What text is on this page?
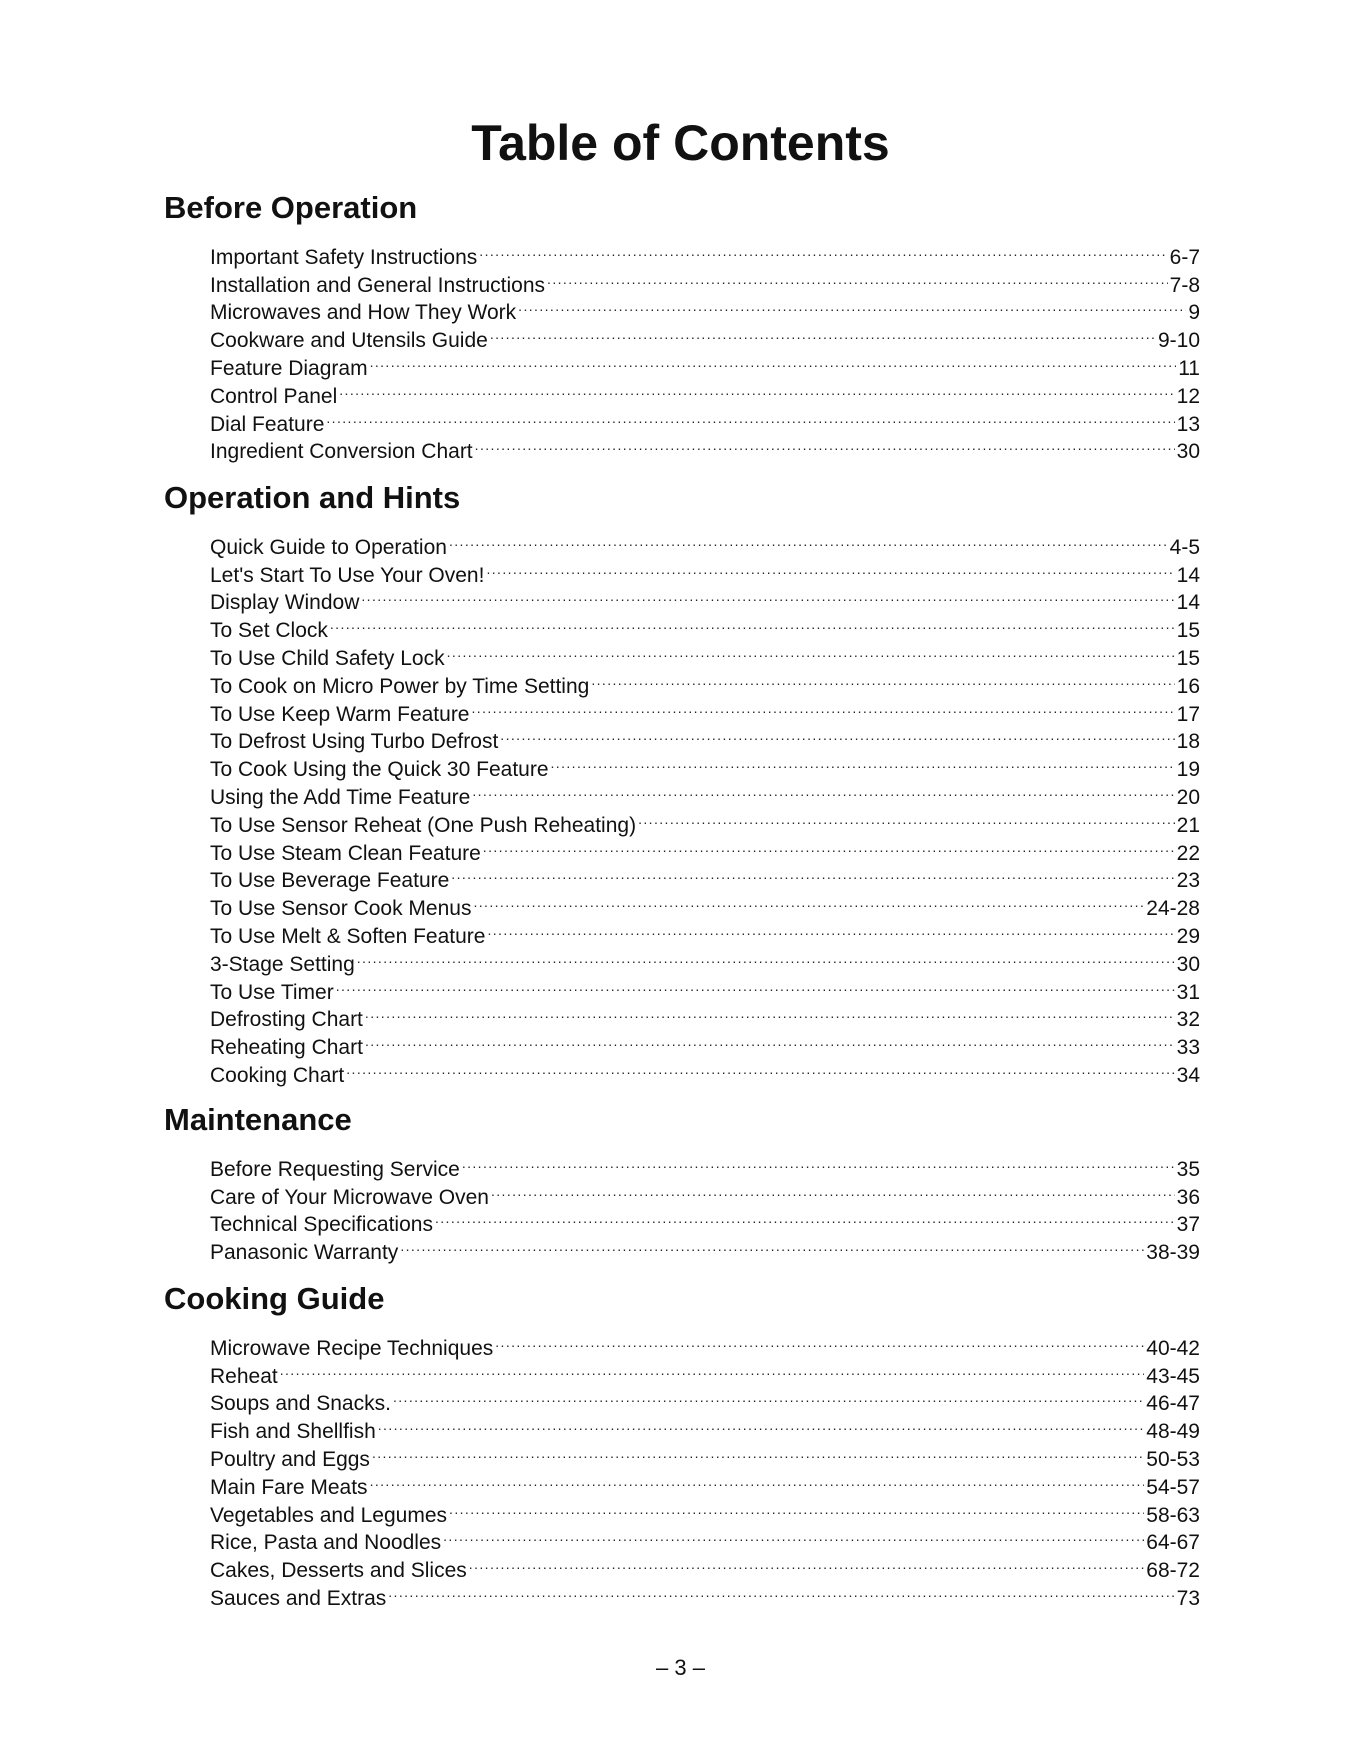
Table of Contents
Before Operation
Important Safety Instructions .....	6-7
Installation and General Instructions .....	7-8
Microwaves and How They Work .....	9
Cookware and Utensils Guide .....	9-10
Feature Diagram .....	11
Control Panel .....	12
Dial Feature .....	13
Ingredient Conversion Chart .....	30
Operation and Hints
Quick Guide to Operation .....	4-5
Let's Start To Use Your Oven! .....	14
Display Window .....	14
To Set Clock .....	15
To Use Child Safety Lock .....	15
To Cook on Micro Power by Time Setting .....	16
To Use Keep Warm Feature .....	17
To Defrost Using Turbo Defrost .....	18
To Cook Using the Quick 30 Feature .....	19
Using the Add Time Feature .....	20
To Use Sensor Reheat (One Push Reheating) .....	21
To Use Steam Clean Feature .....	22
To Use Beverage Feature .....	23
To Use Sensor Cook Menus .....	24-28
To Use Melt & Soften Feature .....	29
3-Stage Setting .....	30
To Use Timer .....	31
Defrosting Chart .....	32
Reheating Chart .....	33
Cooking Chart .....	34
Maintenance
Before Requesting Service .....	35
Care of Your Microwave Oven .....	36
Technical Specifications .....	37
Panasonic Warranty .....	38-39
Cooking Guide
Microwave Recipe Techniques .....	40-42
Reheat .....	43-45
Soups and Snacks. .....	46-47
Fish and Shellfish .....	48-49
Poultry and Eggs .....	50-53
Main Fare Meats .....	54-57
Vegetables and Legumes .....	58-63
Rice, Pasta and Noodles .....	64-67
Cakes, Desserts and Slices .....	68-72
Sauces and Extras .....	73
– 3 –
